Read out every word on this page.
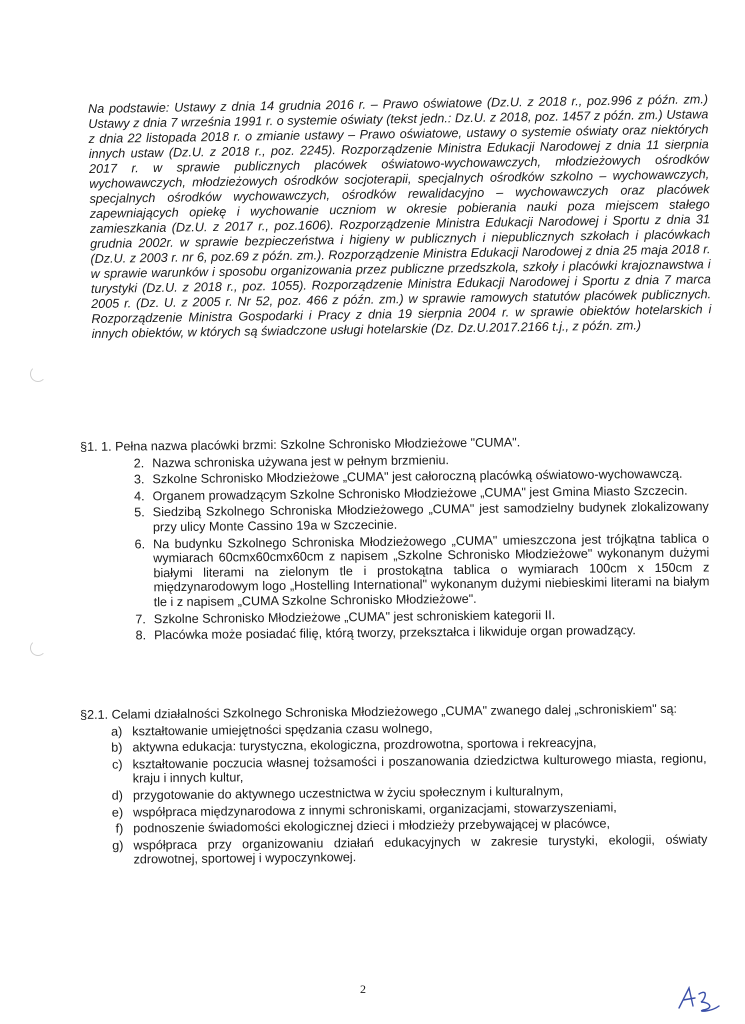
Na podstawie: Ustawy z dnia 14 grudnia 2016 r. – Prawo oświatowe (Dz.U. z 2018 r., poz.996 z późn. zm.) Ustawy z dnia 7 września 1991 r. o systemie oświaty (tekst jedn.: Dz.U. z 2018, poz. 1457 z późn. zm.) Ustawa z dnia 22 listopada 2018 r. o zmianie ustawy – Prawo oświatowe, ustawy o systemie oświaty oraz niektórych innych ustaw (Dz.U. z 2018 r., poz. 2245). Rozporządzenie Ministra Edukacji Narodowej z dnia 11 sierpnia 2017 r. w sprawie publicznych placówek oświatowo-wychowawczych, młodzieżowych ośrodków wychowawczych, młodzieżowych ośrodków socjoterapii, specjalnych ośrodków szkolno – wychowawczych, specjalnych ośrodków wychowawczych, ośrodków rewalidacyjno – wychowawczych oraz placówek zapewniających opiekę i wychowanie uczniom w okresie pobierania nauki poza miejscem stałego zamieszkania (Dz.U. z 2017 r., poz.1606). Rozporządzenie Ministra Edukacji Narodowej i Sportu z dnia 31 grudnia 2002r. w sprawie bezpieczeństwa i higieny w publicznych i niepublicznych szkołach i placówkach (Dz.U. z 2003 r. nr 6, poz.69 z późn. zm.). Rozporządzenie Ministra Edukacji Narodowej z dnia 25 maja 2018 r. w sprawie warunków i sposobu organizowania przez publiczne przedszkola, szkoły i placówki krajoznawstwa i turystyki (Dz.U. z 2018 r., poz. 1055). Rozporządzenie Ministra Edukacji Narodowej i Sportu z dnia 7 marca 2005 r. (Dz. U. z 2005 r. Nr 52, poz. 466 z późn. zm.) w sprawie ramowych statutów placówek publicznych. Rozporządzenie Ministra Gospodarki i Pracy z dnia 19 sierpnia 2004 r. w sprawie obiektów hotelarskich i innych obiektów, w których są świadczone usługi hotelarskie (Dz. Dz.U.2017.2166 t.j., z późn. zm.)

§1. 1. Pełna nazwa placówki brzmi: Szkolne Schronisko Młodzieżowe "CUMA".
2. Nazwa schroniska używana jest w pełnym brzmieniu.
3. Szkolne Schronisko Młodzieżowe „CUMA" jest całoroczną placówką oświatowo-wychowawczą.
4. Organem prowadzącym Szkolne Schronisko Młodzieżowe „CUMA" jest Gmina Miasto Szczecin.
5. Siedzibą Szkolnego Schroniska Młodzieżowego „CUMA" jest samodzielny budynek zlokalizowany przy ulicy Monte Cassino 19a w Szczecinie.
6. Na budynku Szkolnego Schroniska Młodzieżowego „CUMA" umieszczona jest trójkątna tablica o wymiarach 60cmx60cmx60cm z napisem „Szkolne Schronisko Młodzieżowe" wykonanym dużymi białymi literami na zielonym tle i prostokątna tablica o wymiarach 100cm x 150cm z międzynarodowym logo „Hostelling International" wykonanym dużymi niebieskimi literami na białym tle i z napisem „CUMA Szkolne Schronisko Młodzieżowe".
7. Szkolne Schronisko Młodzieżowe „CUMA" jest schroniskiem kategorii II.
8. Placówka może posiadać filię, którą tworzy, przekształca i likwiduje organ prowadzący.
§2.1. Celami działalności Szkolnego Schroniska Młodzieżowego „CUMA" zwanego dalej „schroniskiem" są:
a) kształtowanie umiejętności spędzania czasu wolnego,
b) aktywna edukacja: turystyczna, ekologiczna, prozdrowotna, sportowa i rekreacyjna,
c) kształtowanie poczucia własnej tożsamości i poszanowania dziedzictwa kulturowego miasta, regionu, kraju i innych kultur,
d) przygotowanie do aktywnego uczestnictwa w życiu społecznym i kulturalnym,
e) współpraca międzynarodowa z innymi schroniskami, organizacjami, stowarzyszeniami,
f) podnoszenie świadomości ekologicznej dzieci i młodzieży przebywającej w placówce,
g) współpraca przy organizowaniu działań edukacyjnych w zakresie turystyki, ekologii, oświaty zdrowotnej, sportowej i wypoczynkowej.
2
